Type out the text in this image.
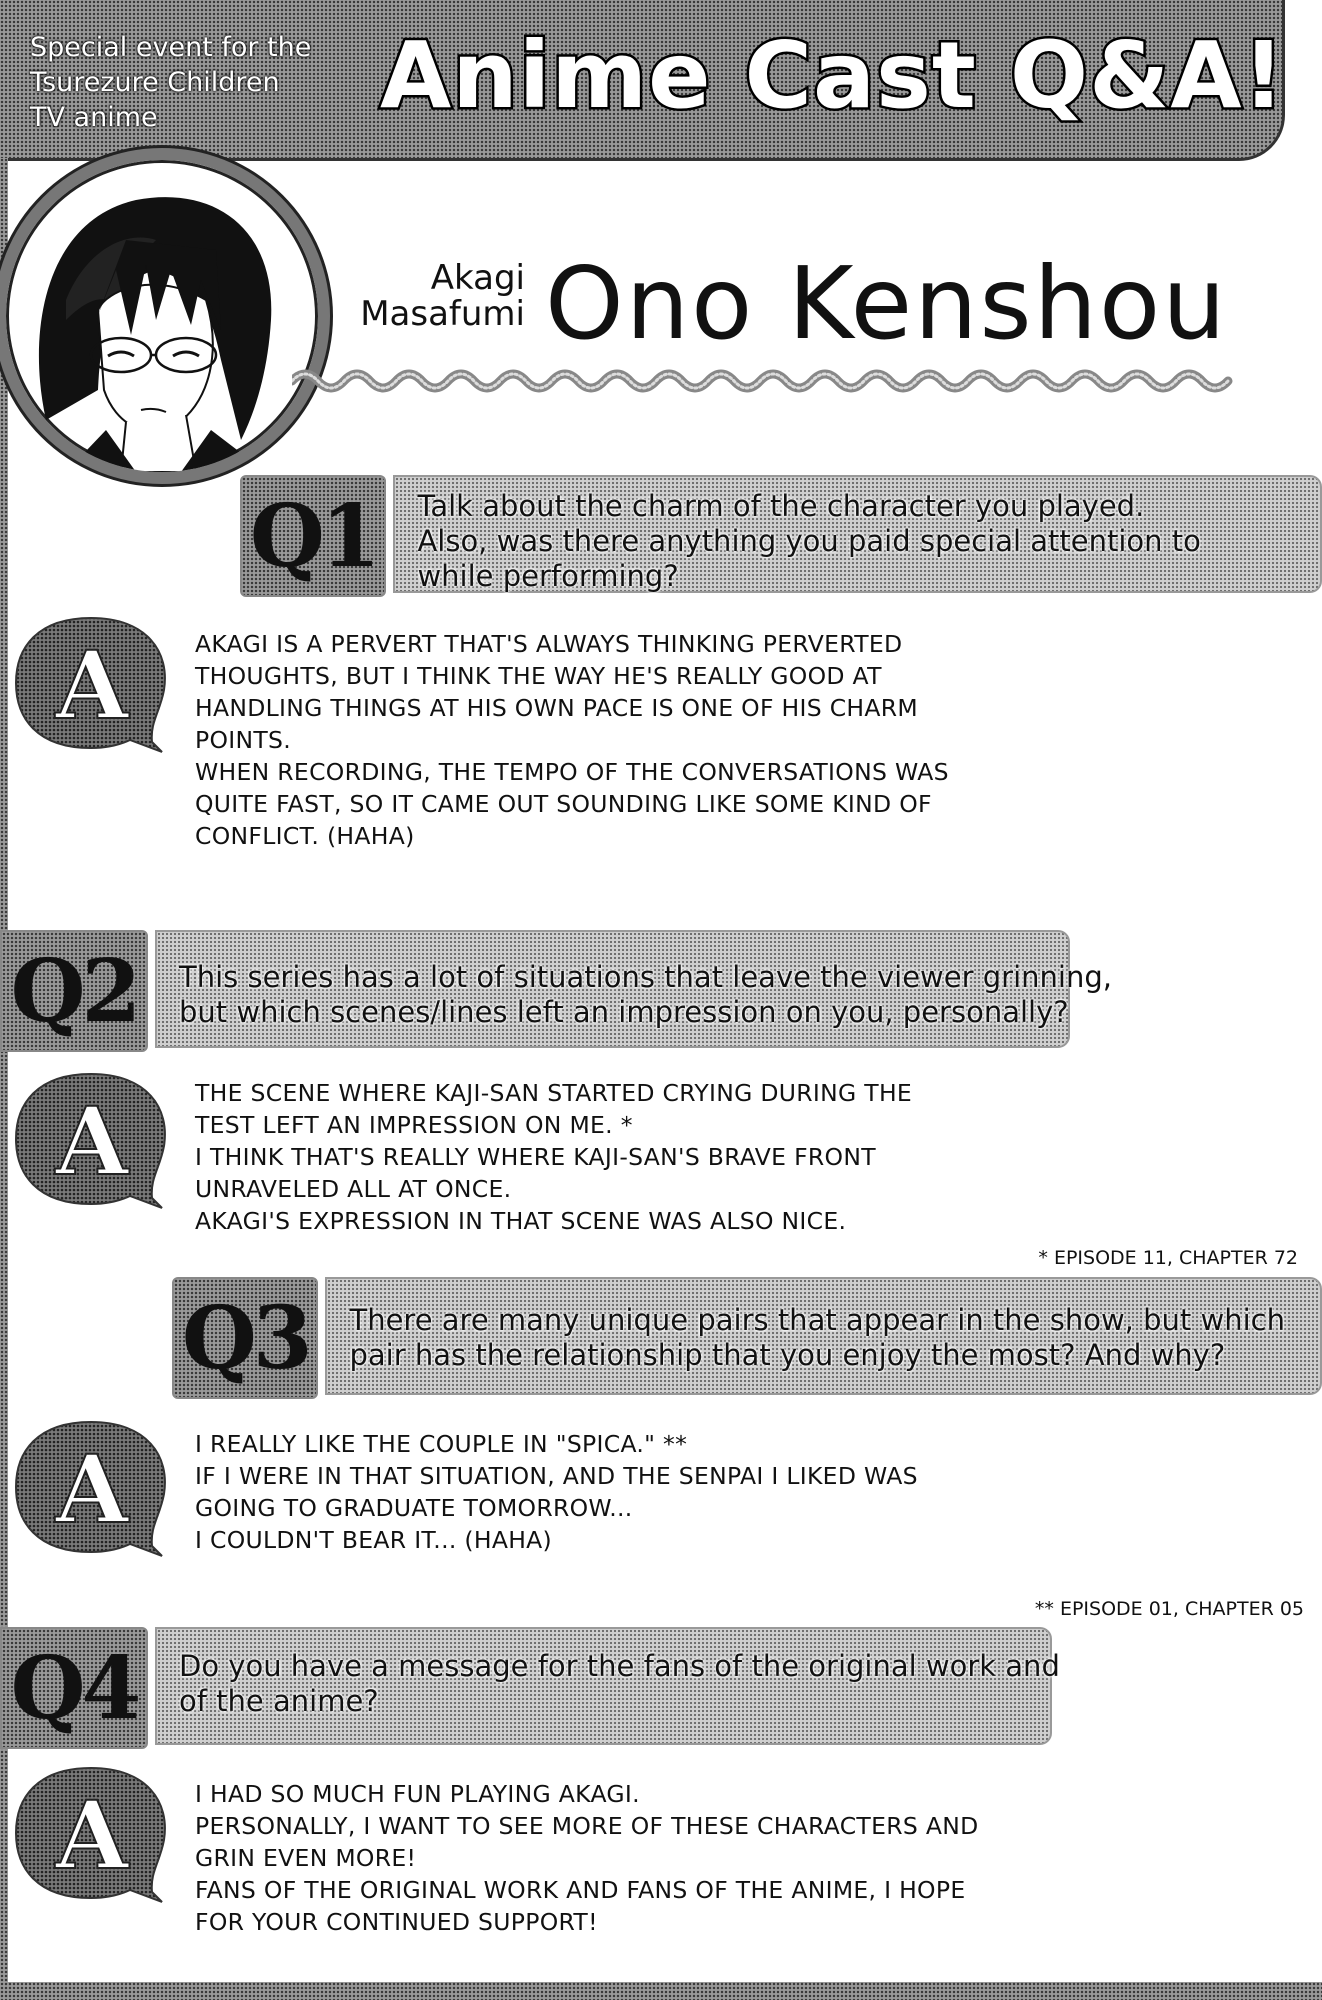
Special event for the
Tsurezure Children
TV anime	Anime Cast Q&A!
Akagi
Masafumi Ono Kenshou
Q1	Talk about the charm of the character you played.
Also, was there anything you paid special attention to
while performing?
A	AKAGI IS A PERVERT THAT'S ALWAYS THINKING PERVERTED
THOUGHTS, BUT I THINK THE WAY HE'S REALLY GOOD AT
HANDLING THINGS AT HIS OWN PACE IS ONE OF HIS CHARM
POINTS.
WHEN RECORDING, THE TEMPO OF THE CONVERSATIONS WAS
QUITE FAST, SO IT CAME OUT SOUNDING LIKE SOME KIND OF
CONFLICT. (HAHA)
Q2	This series has a lot of situations that leave the viewer grinning,
but which scenes/lines left an impression on you, personally?
A	THE SCENE WHERE KAJI-SAN STARTED CRYING DURING THE
TEST LEFT AN IMPRESSION ON ME. *
I THINK THAT'S REALLY WHERE KAJI-SAN'S BRAVE FRONT
UNRAVELED ALL AT ONCE.
AKAGI'S EXPRESSION IN THAT SCENE WAS ALSO NICE.
* EPISODE 11, CHAPTER 72
Q3	There are many unique pairs that appear in the show, but which
pair has the relationship that you enjoy the most? And why?
A	I REALLY LIKE THE COUPLE IN "SPICA." **
IF I WERE IN THAT SITUATION, AND THE SENPAI I LIKED WAS
GOING TO GRADUATE TOMORROW...
I COULDN'T BEAR IT... (HAHA)
** EPISODE 01, CHAPTER 05
Q4	Do you have a message for the fans of the original work and
of the anime?
A	I HAD SO MUCH FUN PLAYING AKAGI.
PERSONALLY, I WANT TO SEE MORE OF THESE CHARACTERS AND
GRIN EVEN MORE!
FANS OF THE ORIGINAL WORK AND FANS OF THE ANIME, I HOPE
FOR YOUR CONTINUED SUPPORT!
